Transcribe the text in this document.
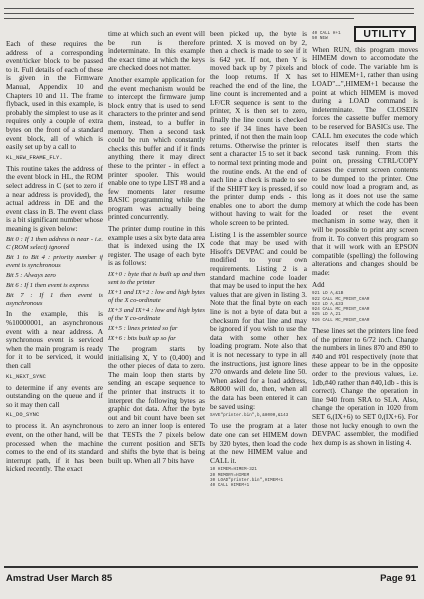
UTILITY

Each of these requires the address of a corresponding event/ticker block to be passed to it. Full details of each of these is given in the Firmware Manual, Appendix 10 and Chapters 10 and 11. The frame flyback, used in this example, is probably the simplest to use as it requires only a couple of extra bytes on the front of a standard event block, all of which is easily set up by a call to

KL_NEW_FRAME_FLY.

This routine takes the address of the event block in HL, the ROM select address in C (set to zero if a near address is provided), the actual address in DE and the event class in B. The event class is a bit significant number whose meaning is given below:

Bit 0 : If 1 then address is near - i.e. C (ROM select) ignored
Bit 1 to Bit 4 : priority number if event is synchronous
Bit 5 : Always zero
Bit 6 : If 1 then event is express
Bit 7 : If 1 then event is asynchronous

In the example, this is %10000001, an asynchronous event with a near address. A synchronous event is serviced when the main program is ready for it to be serviced, it would then call

KL_NEXT_SYNC

to determine if any events are outstanding on the queue and if so it may then call

KL_DO_SYNC

to process it. An asynchronous event, on the other hand, will be processed when the machine comes to the end of its standard interrupt path, if it has been kicked recently. The exact

time at which such an event will be run is therefore indeterminate. In this example the exact time at which the keys are checked does not matter.

Another example application for the event mechanism would be to intercept the firmware jump block entry that is used to send characters to the printer and send them, instead, to a buffer in memory. Then a second task could be run which constantly checks this buffer and if it finds anything there it may direct these to the printer - in effect a printer spooler. This would enable one to type LIST #8 and a few moments later resume BASIC programming while the program was actually being printed concurrently.

The printer dump routine in this example uses a six byte data area that is indexed using the IX register. The usage of each byte is as follows:

IX+0 : byte that is built up and then sent to the printer
IX+1 and IX+2 : low and high bytes of the X co-ordinate
IX+3 and IX+4 : low and high bytes of the Y co-ordinate
IX+5 : lines printed so far
IX+6 : bits built up so far

The program starts by initialising X, Y to (0,400) and the other pieces of data to zero. The main loop then starts by sending an escape sequence to the printer that instructs it to interpret the following bytes as graphic dot data. After the byte out and bit count have been set to zero an inner loop is entered that TESTs the 7 pixels below the current position and SETs and shifts the byte that is being built up. When all 7 bits have

been picked up, the byte is printed. X is moved on by 2, then a check is made to see if it is 642 yet. If not, then Y is moved back up by 7 pixels and the loop returns. If X has reached the end of the line, the line count is incremented and a LF/CR sequence is sent to the printer, X is then set to zero, finally the line count is checked to see if 34 lines have been printed, if not then the main loop returns. Otherwise the printer is sent a character 15 to set it back to normal text printing mode and the routine ends. At the end of each line a check is made to see if the SHIFT key is pressed, if so the printer dump ends - this enables one to abort the dump without having to wait for the whole screen to be printed.

Listing 1 is the assembler source code that may be used with Hisoft's DEVPAC and could be modified to your own requirements. Listing 2 is a standard machine code loader that may be used to input the hex values that are given in listing 3. Note that the final byte on each line is not a byte of data but a checksum for that line and may be ignored if you wish to use the data with some other hex loading program. Note also that it is not necessary to type in all the instructions, just ignore lines 270 onwards and delete line 50. When asked for a load address, &8000 will do, then, when all the data has been entered it can be saved using:

SAVE"printer.bin",b,&8000,&143

To use the program at a later date one can set HIMEM down by 320 bytes, then load the code at the new HIMEM value and CALL it.

10 HIMEM=HIMEM-321
20 MEMORY=HIMEM
30 LOAD"printer.bin",HIMEM+1
40 CALL HIMEM+1
40 CALL H+1
50 NEW

When RUN, this program moves HIMEM down to accomodate the block of code. The variable hm is set to HIMEM+1, rather than using LOAD"...",HIMEM+1 because the point at which HIMEM is moved during a LOAD command is indeterminate. The CLOSEIN forces the cassette buffer memory to be reserved for BASICs use. The CALL hm executes the code which relocates itself then starts the second task running. From this point on, pressing CTRL/COPY causes the current screen contents to be dumped to the printer. One could now load a program and, as long as it does not use the same memory at which the code has been loaded or reset the event mechanism in some way, then it will be possible to print any screen from it. To convert this program so that it will work with an EPSON compatible (spelling) the following alterations and changes should be made:

Add

921 LD A,&1B
922 CALL MC_PRINT_CHAR
923 LD A,&33
924 CALL MC_PRINT_CHAR
925 LD A,21
926 CALL MC_PRINT_CHAR

These lines set the printers line feed of the printer to 6/72 inch. Change the numbers in lines 870 and 890 to #40 and #01 respectively (note that these appear to be in the opposite order to the previous values, i.e. 1db,#40 rather than #40,1db - this is correct). Change the operation in line 940 from SRA to SLA. Also, change the operation in 1020 from SET 6,(IX+6) to SET 0,(IX+6). For those not lucky enough to own the DEVPAC assembler, the modified hex dump is as shown in listing 4.

Amstrad User March 85	Page 91
